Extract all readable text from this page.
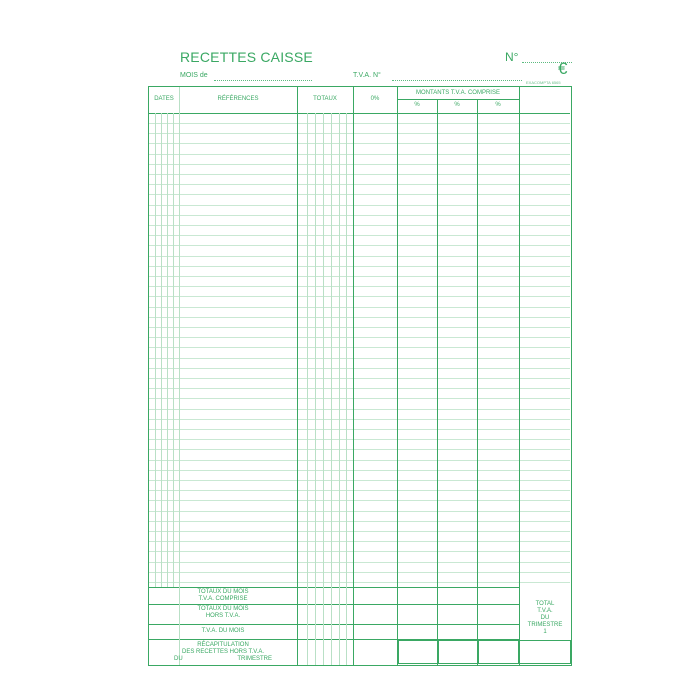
RECETTES CAISSE	N°
€
EXACOMPTA 6565
MOIS de	T.V.A. N°
DATES	RÉFÉRENCES	TOTAUX	0%
MONTANTS T.V.A. COMPRISE
%	%	%
TOTAUX DU MOIS
T.V.A. COMPRISE
TOTAUX DU MOIS
HORS T.V.A.
T.V.A. DU MOIS
RÉCAPITULATION
DES RECETTES HORS T.V.A.
DU	TRIMESTRE
TOTAL
T.V.A.
DU
TRIMESTRE
1
